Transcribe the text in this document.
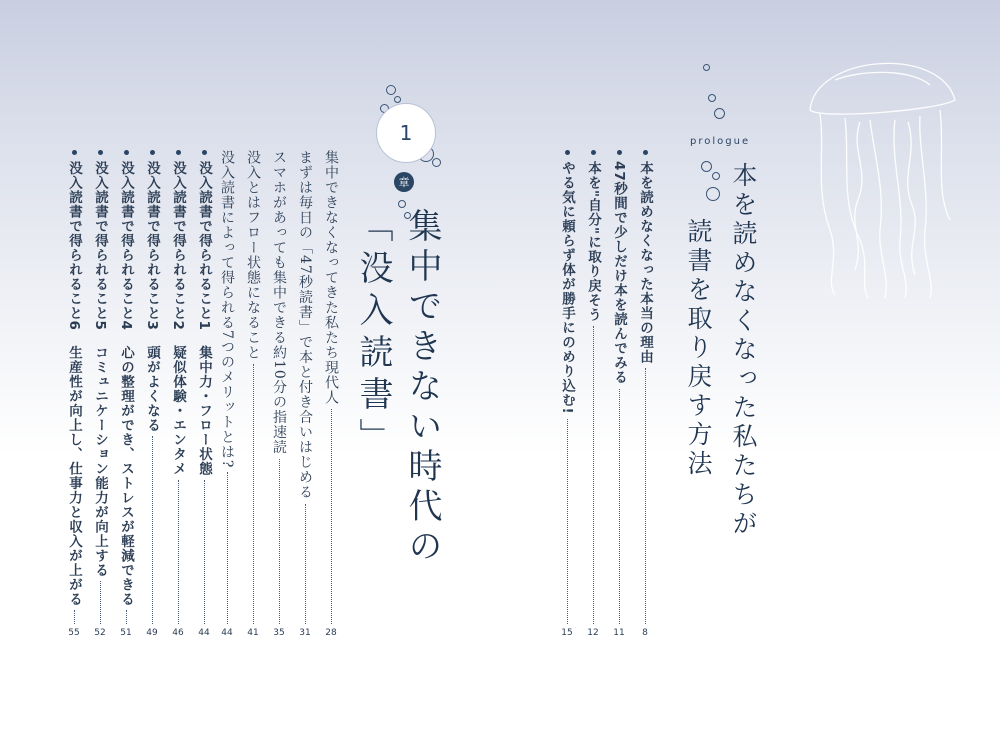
1
章
集中できない時代の
「没入読書」
集中できなくなってきた私たち現代人
28
まずは毎日の「47秒読書」で本と付き合いはじめる
31
スマホがあっても集中できる約10分の指速読
35
没入とはフロー状態になること
41
没入読書によって得られる7つのメリットとは?
44
没入読書で得られること1　集中力・フロー状態
44
没入読書で得られること2　疑似体験・エンタメ
46
没入読書で得られること3　頭がよくなる
49
没入読書で得られること4　心の整理ができ、ストレスが軽減できる
51
没入読書で得られること5　コミュニケーション能力が向上する
52
没入読書で得られること6　生産性が向上し、仕事力と収入が上がる
55
prologue
本を読めなくなった私たちが
読書を取り戻す方法
本を読めなくなった本当の理由
8
47秒間で少しだけ本を読んでみる
11
本を"自分"に取り戻そう
12
やる気に頼らず体が勝手にのめり込む!
15
